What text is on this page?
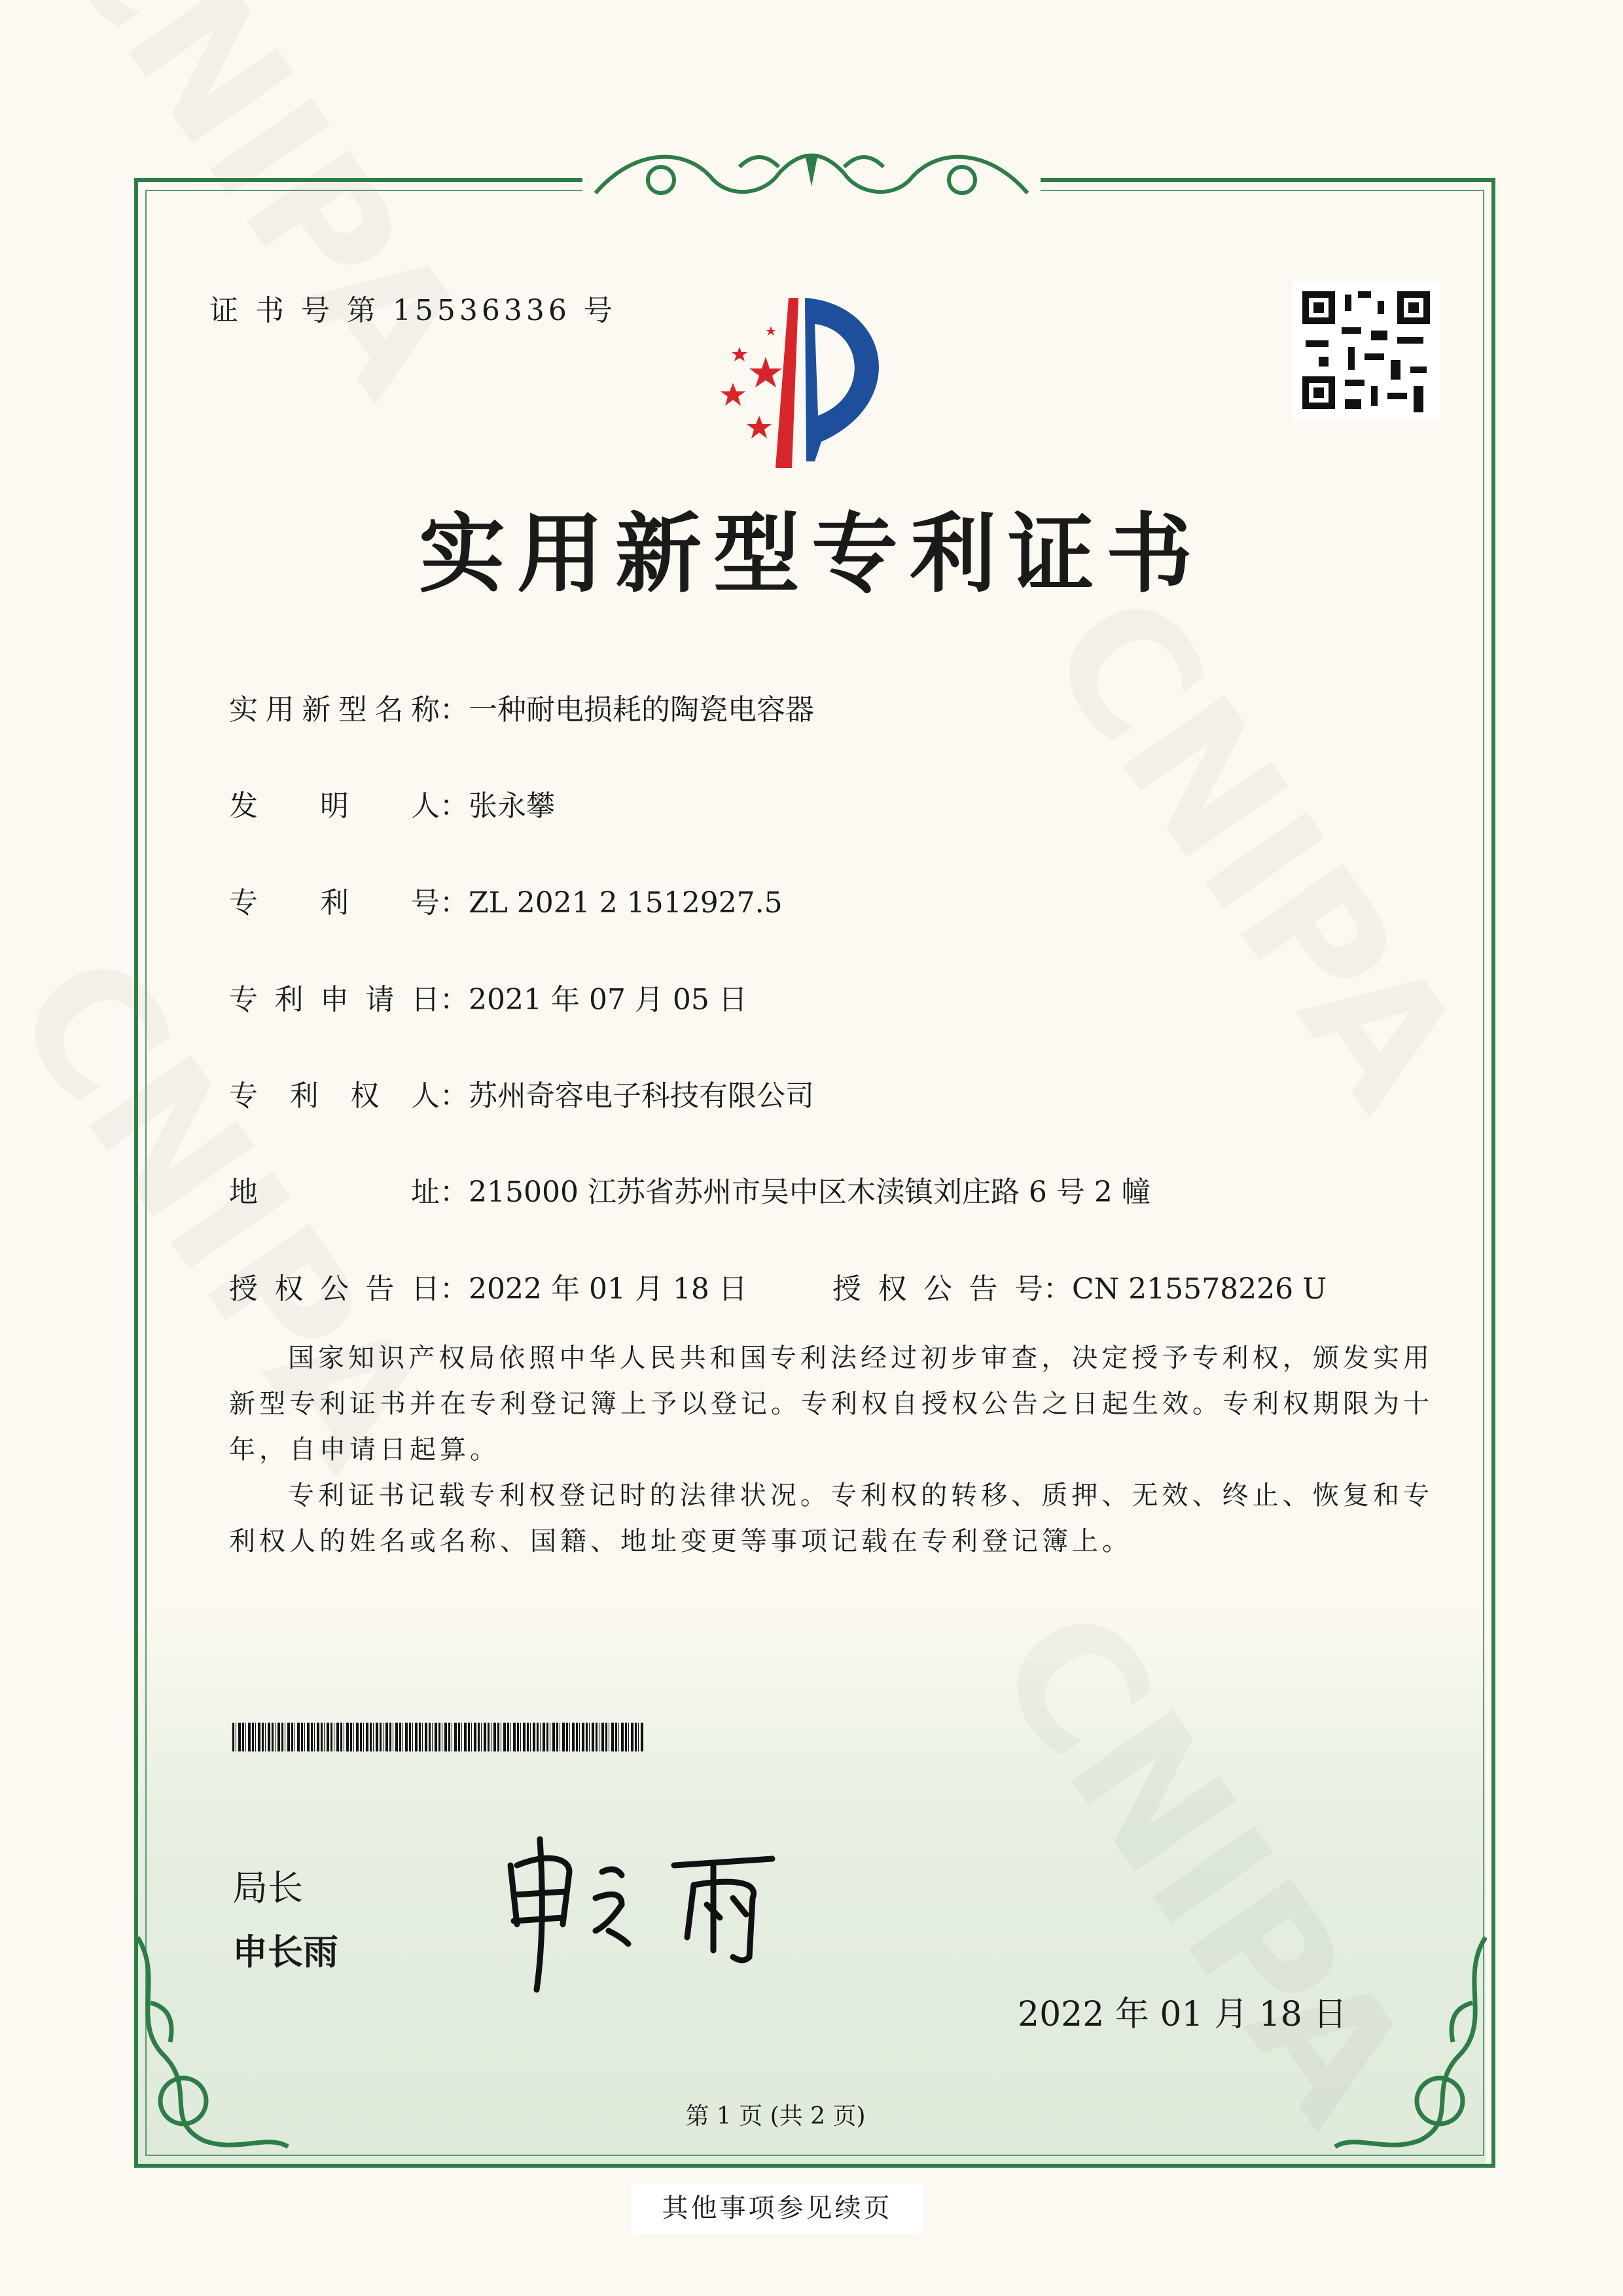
证 书 号 第 15536336 号
实用新型专利证书
实用新型名称：一种耐电损耗的陶瓷电容器
发明人：张永攀
专利号：ZL 2021 2 1512927.5
专利申请日：2021 年 07 月 05 日
专利权人：苏州奇容电子科技有限公司
地址：215000 江苏省苏州市吴中区木渎镇刘庄路 6 号 2 幢
授权公告日：2022 年 01 月 18 日	授权公告号：CN 215578226 U

国家知识产权局依照中华人民共和国专利法经过初步审查，决定授予专利权，颁发实用新型专利证书并在专利登记簿上予以登记。专利权自授权公告之日起生效。专利权期限为十年，自申请日起算。

专利证书记载专利权登记时的法律状况。专利权的转移、质押、无效、终止、恢复和专利权人的姓名或名称、国籍、地址变更等事项记载在专利登记簿上。

局长
申长雨
2022 年 01 月 18 日
第 1 页 (共 2 页)
其他事项参见续页
